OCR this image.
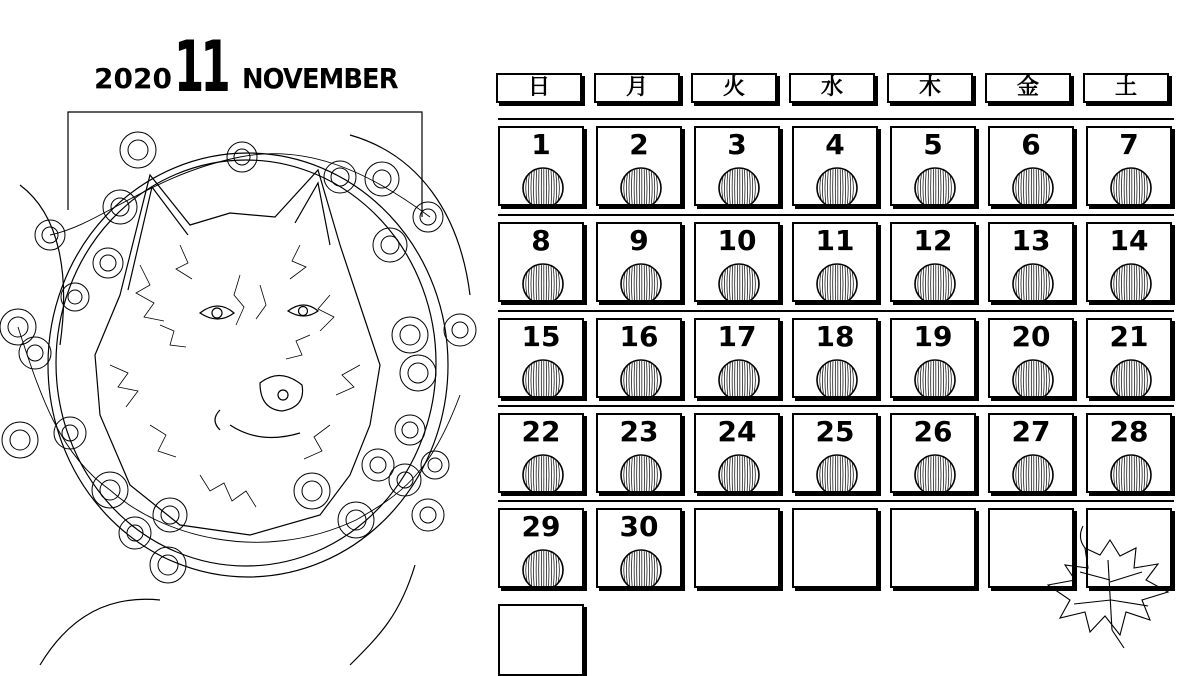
2020 11 NOVEMBER	日	月	火	水	木	金	土
1	2	3	4	5	6	7
8	9	10	11	12	13	14
15	16	17	18	19	20	21
22	23	24	25	26	27	28
29	30
